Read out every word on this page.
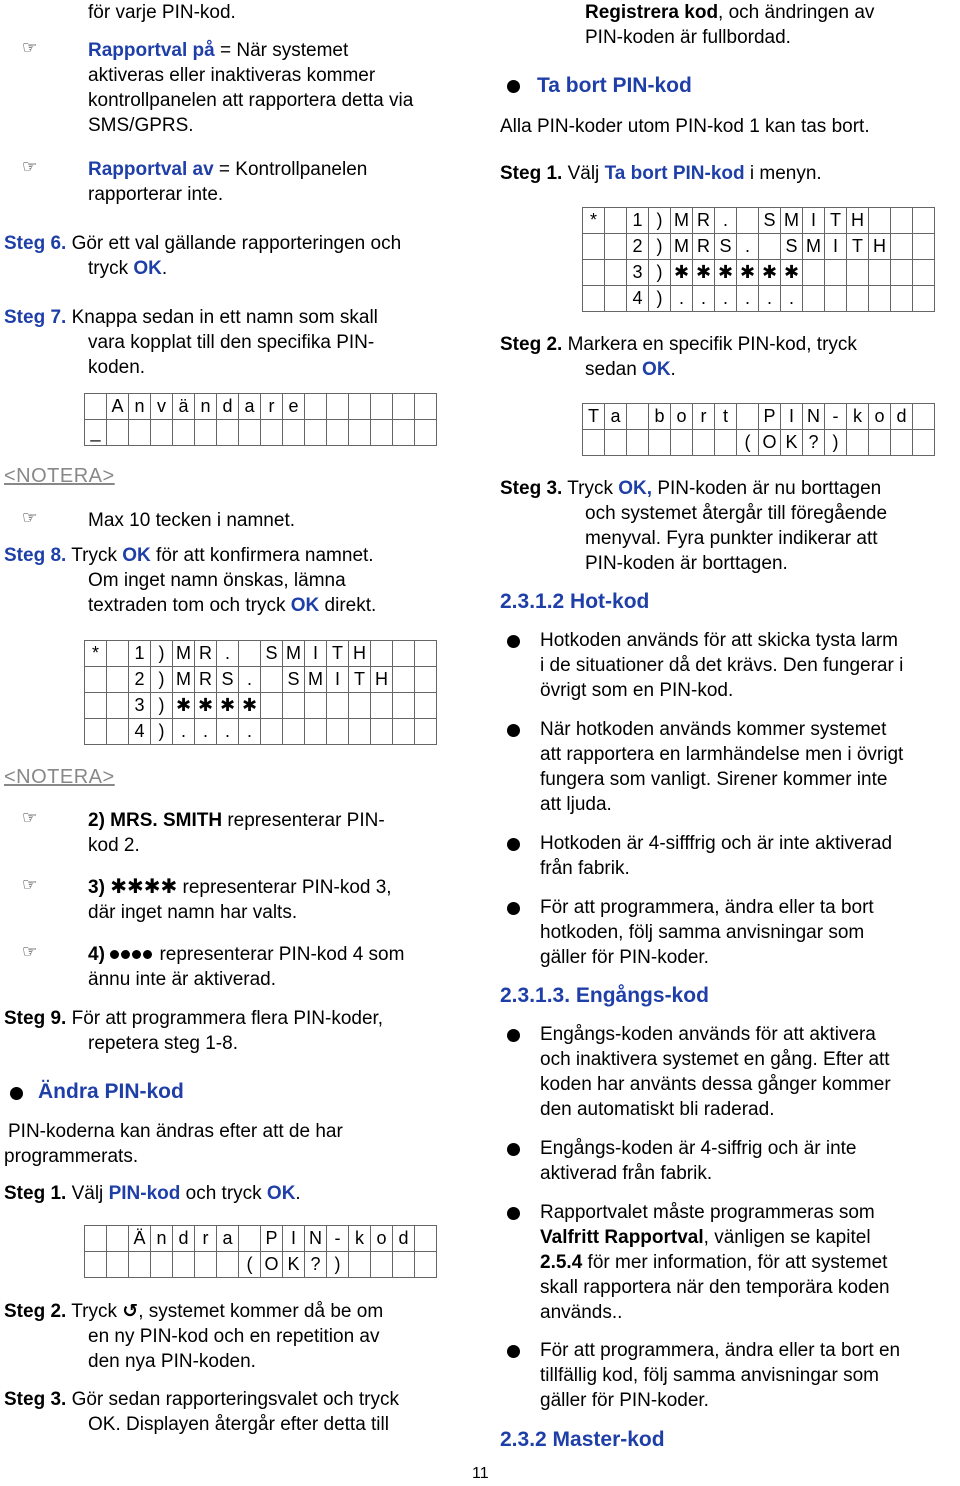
för varje PIN-kod.
☞	Rapportval på = När systemet
aktiveras eller inaktiveras kommer
kontrollpanelen att rapportera detta via
SMS/GPRS.
☞	Rapportval av = Kontrollpanelen
rapporterar inte.
Steg 6. Gör ett val gällande rapporteringen och
tryck OK.
Steg 7. Knappa sedan in ett namn som skall
vara kopplat till den specifika PIN-
koden.
	A	n	v	ä	n	d	a	r	e						
_															
<NOTERA>
☞	Max 10 tecken i namnet.
Steg 8. Tryck OK för att konfirmera namnet.
Om inget namn önskas, lämna
textraden tom och tryck OK direkt.
*		1	)	M	R	.		S	M	I	T	H			
		2	)	M	R	S	.		S	M	I	T	H		
		3	)	✱	✱	✱	✱								
		4	)	.	.	.	.								
<NOTERA>
☞	2) MRS. SMITH representerar PIN-
kod 2.
☞	3) ✱✱✱✱ representerar PIN-kod 3,
där inget namn har valts.
☞	4)  representerar PIN-kod 4 som
ännu inte är aktiverad.
Steg 9. För att programmera flera PIN-koder,
repetera steg 1-8.
Ändra PIN-kod
PIN-koderna kan ändras efter att de har
programmerats.
Steg 1. Välj PIN-kod och tryck OK.
		Ä	n	d	r	a		P	I	N	-	k	o	d	
							(	O	K	?	)				
Steg 2. Tryck ↺, systemet kommer då be om
en ny PIN-kod och en repetition av
den nya PIN-koden.
Steg 3. Gör sedan rapporteringsvalet och tryck
OK. Displayen återgår efter detta till
11
Registrera kod, och ändringen av
PIN-koden är fullbordad.
Ta bort PIN-kod
Alla PIN-koder utom PIN-kod 1 kan tas bort.
Steg 1. Välj Ta bort PIN-kod i menyn.
*		1	)	M	R	.		S	M	I	T	H			
		2	)	M	R	S	.		S	M	I	T	H		
		3	)	✱	✱	✱	✱	✱	✱						
		4	)	.	.	.	.	.	.						
Steg 2. Markera en specifik PIN-kod, tryck
sedan OK.
T	a		b	o	r	t		P	I	N	-	k	o	d	
							(	O	K	?	)				
Steg 3. Tryck OK, PIN-koden är nu borttagen
och systemet återgår till föregående
menyval. Fyra punkter indikerar att
PIN-koden är borttagen.
2.3.1.2 Hot-kod
Hotkoden används för att skicka tysta larm
i de situationer då det krävs. Den fungerar i
övrigt som en PIN-kod.
När hotkoden används kommer systemet
att rapportera en larmhändelse men i övrigt
fungera som vanligt. Sirener kommer inte
att ljuda.
Hotkoden är 4-sifffrig och är inte aktiverad
från fabrik.
För att programmera, ändra eller ta bort
hotkoden, följ samma anvisningar som
gäller för PIN-koder.
2.3.1.3. Engångs-kod
Engångs-koden används för att aktivera
och inaktivera systemet en gång. Efter att
koden har använts dessa gånger kommer
den automatiskt bli raderad.
Engångs-koden är 4-siffrig och är inte
aktiverad från fabrik.
Rapportvalet måste programmeras som
Valfritt Rapportval, vänligen se kapitel
2.5.4 för mer information, för att systemet
skall rapportera när den temporära koden
används..
För att programmera, ändra eller ta bort en
tillfällig kod, följ samma anvisningar som
gäller för PIN-koder.
2.3.2 Master-kod
